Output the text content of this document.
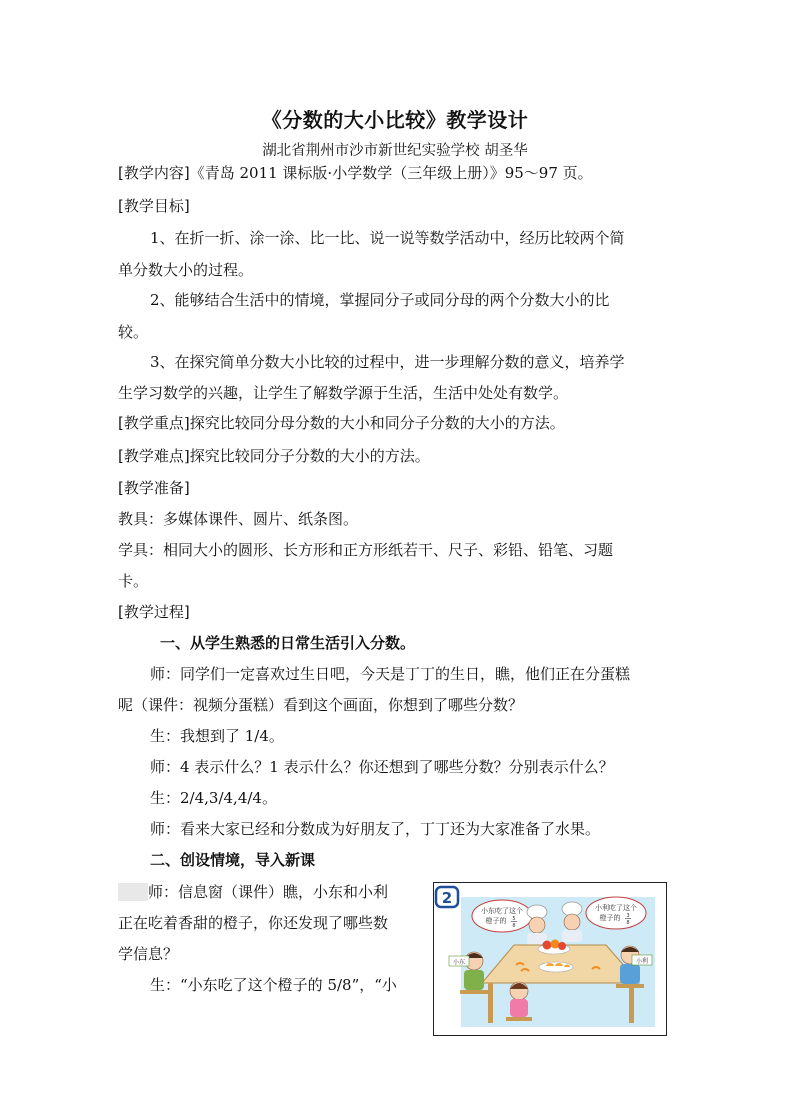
《分数的大小比较》教学设计
湖北省荆州市沙市新世纪实验学校 胡圣华
[教学内容]《青岛 2011 课标版·小学数学（三年级上册）》95～97 页。
[教学目标]
1、在折一折、涂一涂、比一比、说一说等数学活动中，经历比较两个简
单分数大小的过程。
2、能够结合生活中的情境，掌握同分子或同分母的两个分数大小的比
较。
3、在探究简单分数大小比较的过程中，进一步理解分数的意义，培养学
生学习数学的兴趣，让学生了解数学源于生活，生活中处处有数学。
[教学重点]探究比较同分母分数的大小和同分子分数的大小的方法。
[教学难点]探究比较同分子分数的大小的方法。
[教学准备]
教具：多媒体课件、圆片、纸条图。
学具：相同大小的圆形、长方形和正方形纸若干、尺子、彩铅、铅笔、习题
卡。
[教学过程]
一、从学生熟悉的日常生活引入分数。
师：同学们一定喜欢过生日吧，今天是丁丁的生日，瞧，他们正在分蛋糕
呢（课件：视频分蛋糕）看到这个画面，你想到了哪些分数？
生：我想到了 1/4。
师：4 表示什么？1 表示什么？你还想到了哪些分数？分别表示什么？
生：2/4,3/4,4/4。
师：看来大家已经和分数成为好朋友了，丁丁还为大家准备了水果。
二、创设情境，导入新课
  师：信息窗（课件）瞧，小东和小利
正在吃着香甜的橙子，你还发现了哪些数
学信息？
生：“小东吃了这个橙子的 5/8”，“小
2
小东吃了这个
橙子的 5
8
小利吃了这个
橙子的 3
8
小东	小利
